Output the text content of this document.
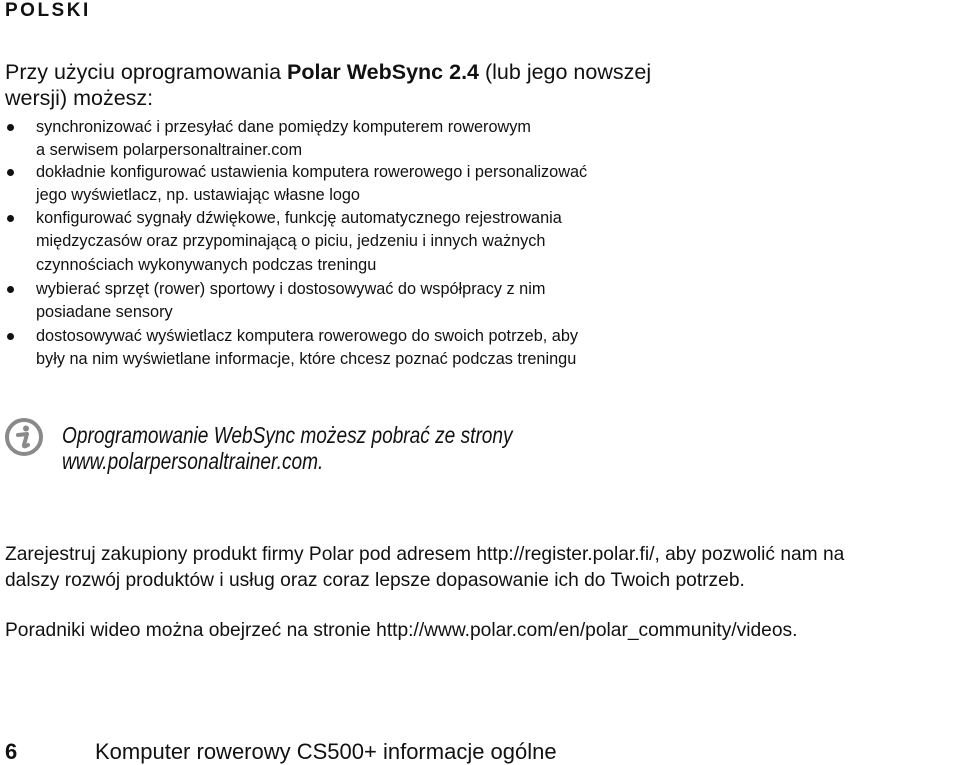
POLSKI
Przy użyciu oprogramowania Polar WebSync 2.4 (lub jego nowszej
wersji) możesz:
synchronizować i przesyłać dane pomiędzy komputerem rowerowym
a serwisem polarpersonaltrainer.com
dokładnie konfigurować ustawienia komputera rowerowego i personalizować
jego wyświetlacz, np. ustawiając własne logo
konfigurować sygnały dźwiękowe, funkcję automatycznego rejestrowania
międzyczasów oraz przypominającą o piciu, jedzeniu i innych ważnych
czynnościach wykonywanych podczas treningu
wybierać sprzęt (rower) sportowy i dostosowywać do współpracy z nim
posiadane sensory
dostosowywać wyświetlacz komputera rowerowego do swoich potrzeb, aby
były na nim wyświetlane informacje, które chcesz poznać podczas treningu
Oprogramowanie WebSync możesz pobrać ze strony
www.polarpersonaltrainer.com.
Zarejestruj zakupiony produkt firmy Polar pod adresem http://register.polar.fi/, aby pozwolić nam na
dalszy rozwój produktów i usług oraz coraz lepsze dopasowanie ich do Twoich potrzeb.
Poradniki wideo można obejrzeć na stronie http://www.polar.com/en/polar_community/videos.
6	Komputer rowerowy CS500+ informacje ogólne
